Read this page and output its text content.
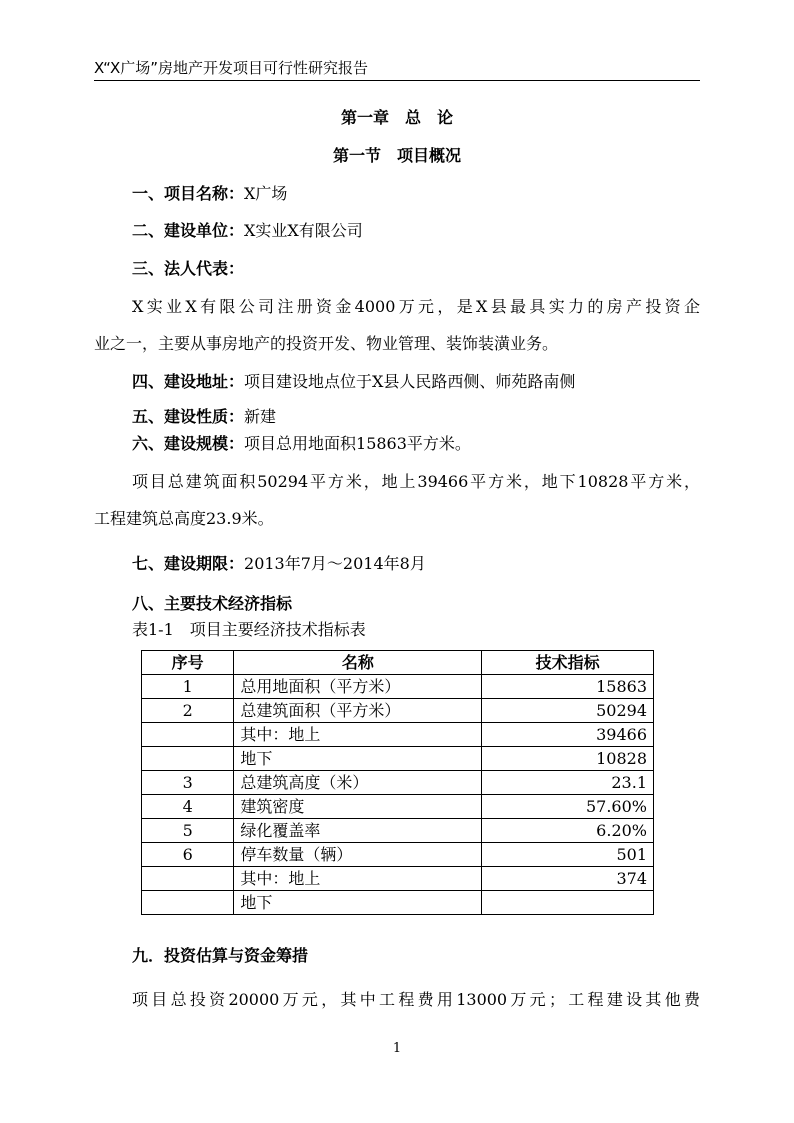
X“X广场”房地产开发项目可行性研究报告
第一章　总　论
第一节　项目概况
一、项目名称：X广场
二、建设单位：X实业X有限公司
三、法人代表：
X实业X有限公司注册资金4000万元，是X县最具实力的房产投资企
业之一，主要从事房地产的投资开发、物业管理、装饰装潢业务。
四、建设地址：项目建设地点位于X县人民路西侧、师苑路南侧
五、建设性质：新建
六、建设规模：项目总用地面积15863平方米。
项目总建筑面积50294平方米，地上39466平方米，地下10828平方米，
工程建筑总高度23.9米。
七、建设期限：2013年7月～2014年8月
八、主要技术经济指标
表1-1　项目主要经济技术指标表
序号	名称	技术指标
1	总用地面积（平方米）	15863
2	总建筑面积（平方米）	50294
	其中：地上	39466
	地下	10828
3	总建筑高度（米）	23.1
4	建筑密度	57.60%
5	绿化覆盖率	6.20%
6	停车数量（辆）	501
	其中：地上	374
	地下	
九．投资估算与资金筹措
项目总投资20000万元，其中工程费用13000万元；工程建设其他费
1
